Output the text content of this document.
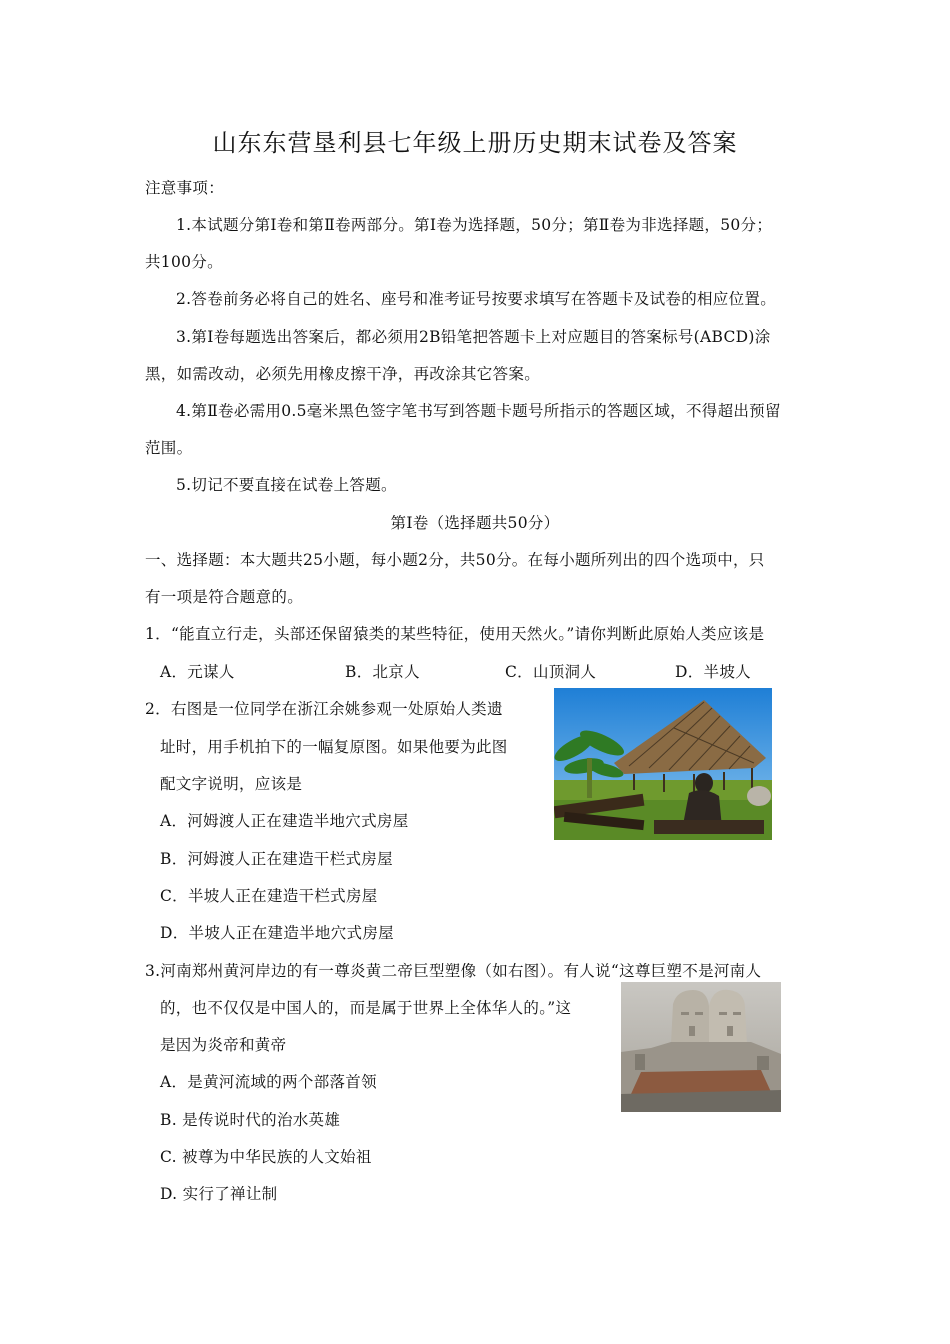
山东东营垦利县七年级上册历史期末试卷及答案
注意事项：
1.本试题分第Ⅰ卷和第Ⅱ卷两部分。第Ⅰ卷为选择题，50分；第Ⅱ卷为非选择题，50分；
共100分。
2.答卷前务必将自己的姓名、座号和准考证号按要求填写在答题卡及试卷的相应位置。
3.第Ⅰ卷每题选出答案后，都必须用2B铅笔把答题卡上对应题目的答案标号(ABCD)涂
黑，如需改动，必须先用橡皮擦干净，再改涂其它答案。
4.第Ⅱ卷必需用0.5毫米黑色签字笔书写到答题卡题号所指示的答题区域，不得超出预留
范围。
5.切记不要直接在试卷上答题。
第Ⅰ卷（选择题共50分）
一、选择题：本大题共25小题，每小题2分，共50分。在每小题所列出的四个选项中，只
有一项是符合题意的。
1．“能直立行走，头部还保留猿类的某些特征，使用天然火。”请你判断此原始人类应该是
A．元谋人	B．北京人	C．山顶洞人	D．半坡人
2．右图是一位同学在浙江余姚参观一处原始人类遗
址时，用手机拍下的一幅复原图。如果他要为此图
配文字说明，应该是
A．河姆渡人正在建造半地穴式房屋
B．河姆渡人正在建造干栏式房屋
C．半坡人正在建造干栏式房屋
D．半坡人正在建造半地穴式房屋
3.河南郑州黄河岸边的有一尊炎黄二帝巨型塑像（如右图）。有人说“这尊巨塑不是河南人
的，也不仅仅是中国人的，而是属于世界上全体华人的。”这
是因为炎帝和黄帝
A．是黄河流域的两个部落首领
B. 是传说时代的治水英雄
C. 被尊为中华民族的人文始祖
D. 实行了禅让制
